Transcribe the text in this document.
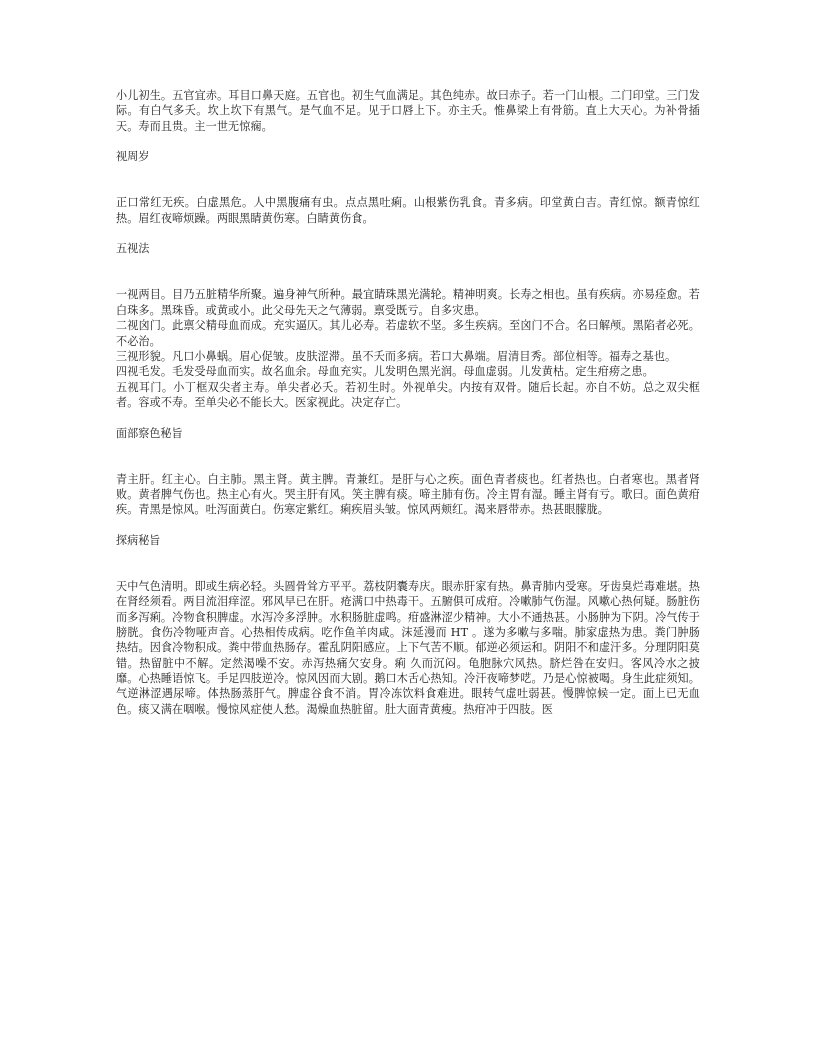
小儿初生。五官宜赤。耳目口鼻天庭。五官也。初生气血满足。其色纯赤。故曰赤子。若一门山根。二门印堂。三门发际。有白气多夭。坎上坎下有黑气。是气血不足。见于口唇上下。亦主夭。惟鼻梁上有骨筋。直上大天心。为补骨插天。寿而且贵。主一世无惊痫。

视周岁

正口常红无疾。白虚黑危。人中黑腹痛有虫。点点黑吐痢。山根紫伤乳食。青多病。印堂黄白吉。青红惊。额青惊红热。眉红夜啼烦躁。两眼黑睛黄伤寒。白睛黄伤食。

五视法

一视两目。目乃五脏精华所聚。遍身神气所种。最宜睛珠黑光满轮。精神明爽。长寿之相也。虽有疾病。亦易痊愈。若白珠多。黑珠昏。或黄或小。此父母先天之气薄弱。禀受既亏。自多灾患。

二视囟门。此禀父精母血而成。充实逼仄。其儿必寿。若虚软不坚。多生疾病。至囟门不合。名曰解颅。黑陷者必死。不必治。

三视形貌。凡口小鼻蜗。眉心促皱。皮肤涩滞。虽不夭而多病。若口大鼻端。眉清目秀。部位相等。福寿之基也。

四视毛发。毛发受母血而实。故名血余。母血充实。儿发明色黑光润。母血虚弱。儿发黄枯。定生疳痨之患。

五视耳门。小丁框双尖者主寿。单尖者必夭。若初生时。外视单尖。内按有双骨。随后长起。亦自不妨。总之双尖框者。容或不寿。至单尖必不能长大。医家视此。决定存亡。

面部察色秘旨

青主肝。红主心。白主肺。黑主肾。黄主脾。青兼红。是肝与心之疾。面色青者痰也。红者热也。白者寒也。黑者肾败。黄者脾气伤也。热主心有火。哭主肝有风。笑主脾有痰。啼主肺有伤。冷主胃有湿。睡主肾有亏。歌曰。面色黄疳疾。青黑是惊风。吐泻面黄白。伤寒定紫红。痢疾眉头皱。惊风两颊红。渴来唇带赤。热甚眼朦胧。

探病秘旨

天中气色清明。即或生病必轻。头圆骨耸方平平。荔枝阴囊寿庆。眼赤肝家有热。鼻青肺内受寒。牙齿臭烂毒难堪。热在肾经须看。两目流泪痒涩。邪风早已在肝。疮满口中热毒干。五腑俱可成疳。冷嗽肺气伤湿。风嗽心热何疑。肠脏伤而多泻痢。冷物食积脾虚。水泻冷多浮肿。水积肠脏虚鸣。疳盛淋涩少精神。大小不通热甚。小肠肿为下阴。冷气传于膀胱。食伤冷物哑声音。心热相传成病。吃作鱼羊肉咸。沫延漫而 HT 。遂为多嗽与多喘。肺家虚热为患。粪门肿肠热结。因食冷物积成。粪中带血热肠存。霍乱阴阳感应。上下气苦不顺。郁逆必须运和。阴阳不和虚汗多。分理阴阳莫错。热留脏中不解。定然渴噪不安。赤泻热痛欠安身。痢 久而沉闷。龟胞脉穴风热。脐烂咎在安归。客风冷水之披靡。心热睡语惊飞。手足四肢逆冷。惊风因而大剧。鹅口木舌心热知。冷汗夜啼梦呓。乃是心惊被喝。身生此症须知。气逆淋涩遇尿啼。体热肠蒸肝气。脾虚谷食不消。胃冷冻饮料食难进。眼转气虚吐弱甚。慢脾惊候一定。面上已无血色。痰又满在咽喉。慢惊风症使人愁。渴燥血热脏留。肚大面青黄瘦。热疳冲于四肢。医
